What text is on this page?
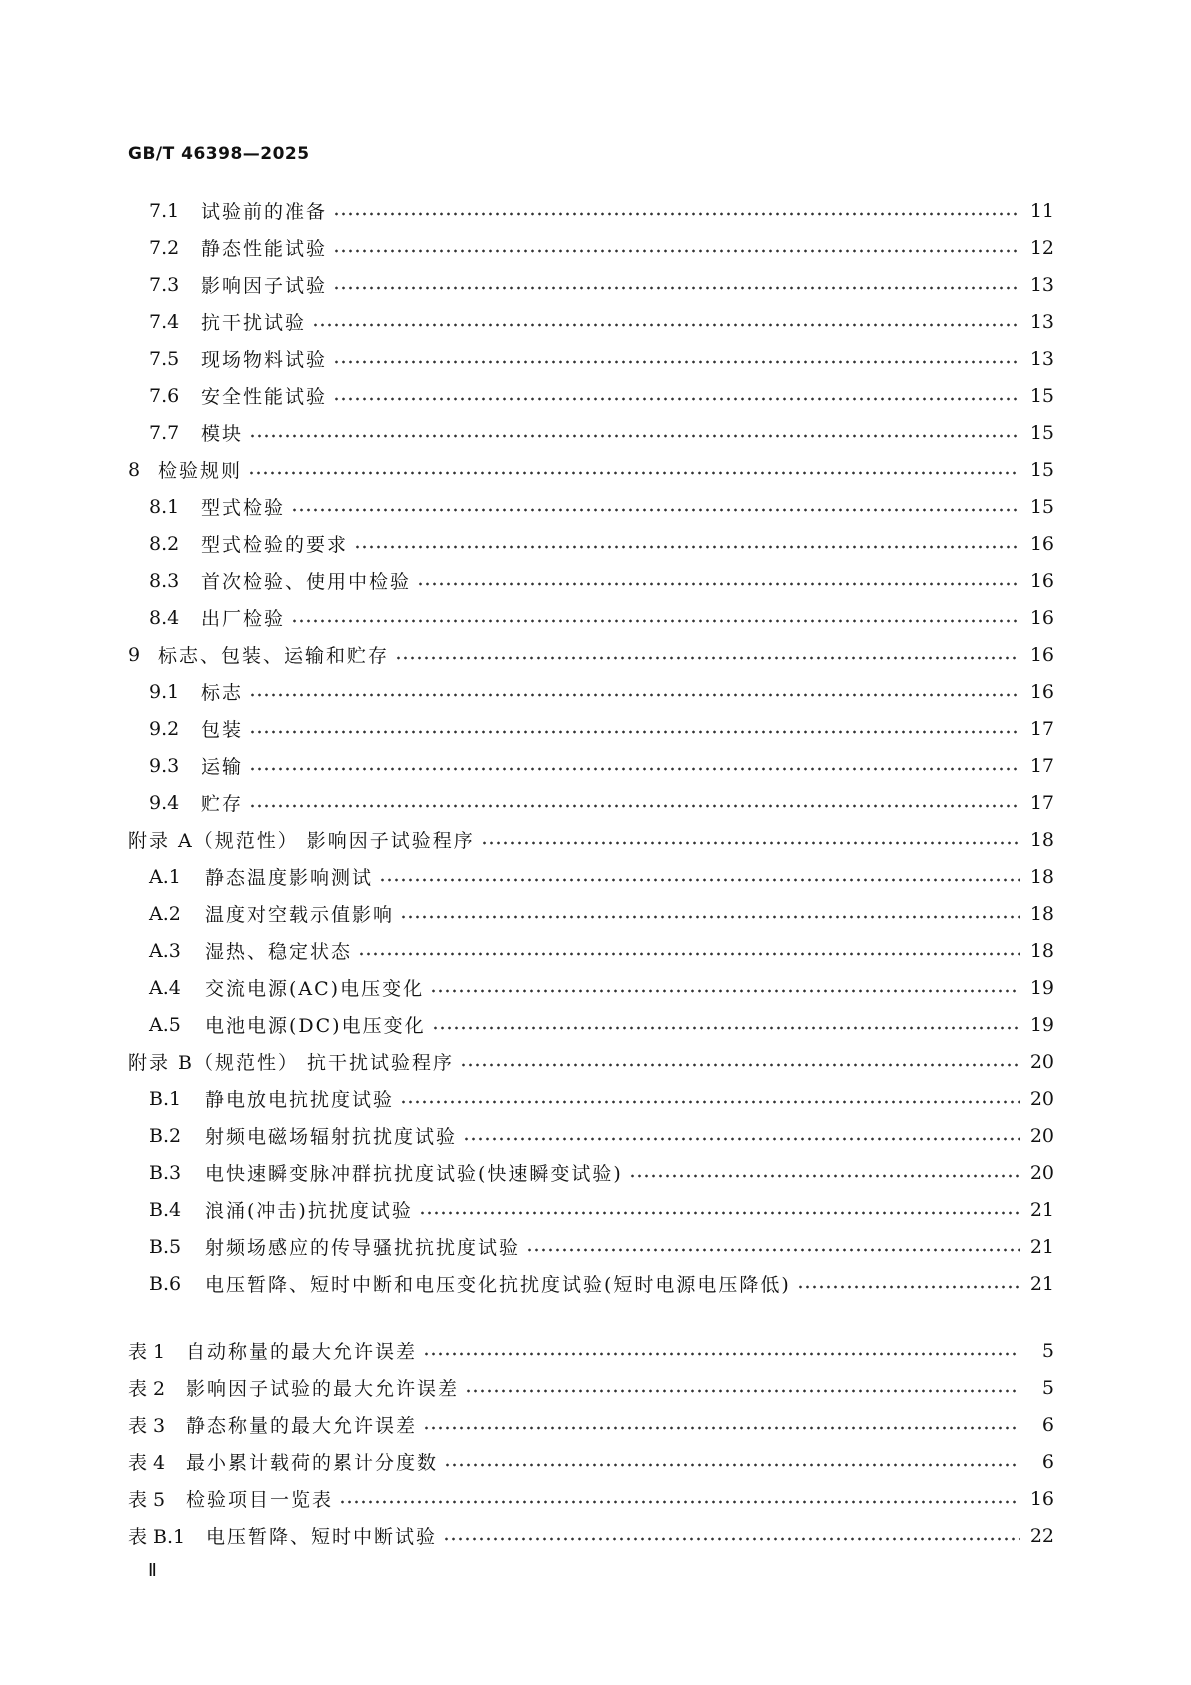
GB/T 46398—2025
7.1	试验前的准备	11
7.2	静态性能试验	12
7.3	影响因子试验	13
7.4	抗干扰试验	13
7.5	现场物料试验	13
7.6	安全性能试验	15
7.7	模块	15
8 检验规则	15
8.1	型式检验	15
8.2	型式检验的要求	16
8.3	首次检验、使用中检验	16
8.4	出厂检验	16
9 标志、包装、运输和贮存	16
9.1	标志	16
9.2	包装	17
9.3	运输	17
9.4	贮存	17
附录 A（规范性） 影响因子试验程序	18
A.1	静态温度影响测试	18
A.2	温度对空载示值影响	18
A.3	湿热、稳定状态	18
A.4	交流电源(AC)电压变化	19
A.5	电池电源(DC)电压变化	19
附录 B（规范性） 抗干扰试验程序	20
B.1	静电放电抗扰度试验	20
B.2	射频电磁场辐射抗扰度试验	20
B.3	电快速瞬变脉冲群抗扰度试验(快速瞬变试验)	20
B.4	浪涌(冲击)抗扰度试验	21
B.5	射频场感应的传导骚扰抗扰度试验	21
B.6	电压暂降、短时中断和电压变化抗扰度试验(短时电源电压降低)	21
表 1	自动称量的最大允许误差	5
表 2	影响因子试验的最大允许误差	5
表 3	静态称量的最大允许误差	6
表 4	最小累计载荷的累计分度数	6
表 5	检验项目一览表	16
表 B.1	电压暂降、短时中断试验	22
Ⅱ
